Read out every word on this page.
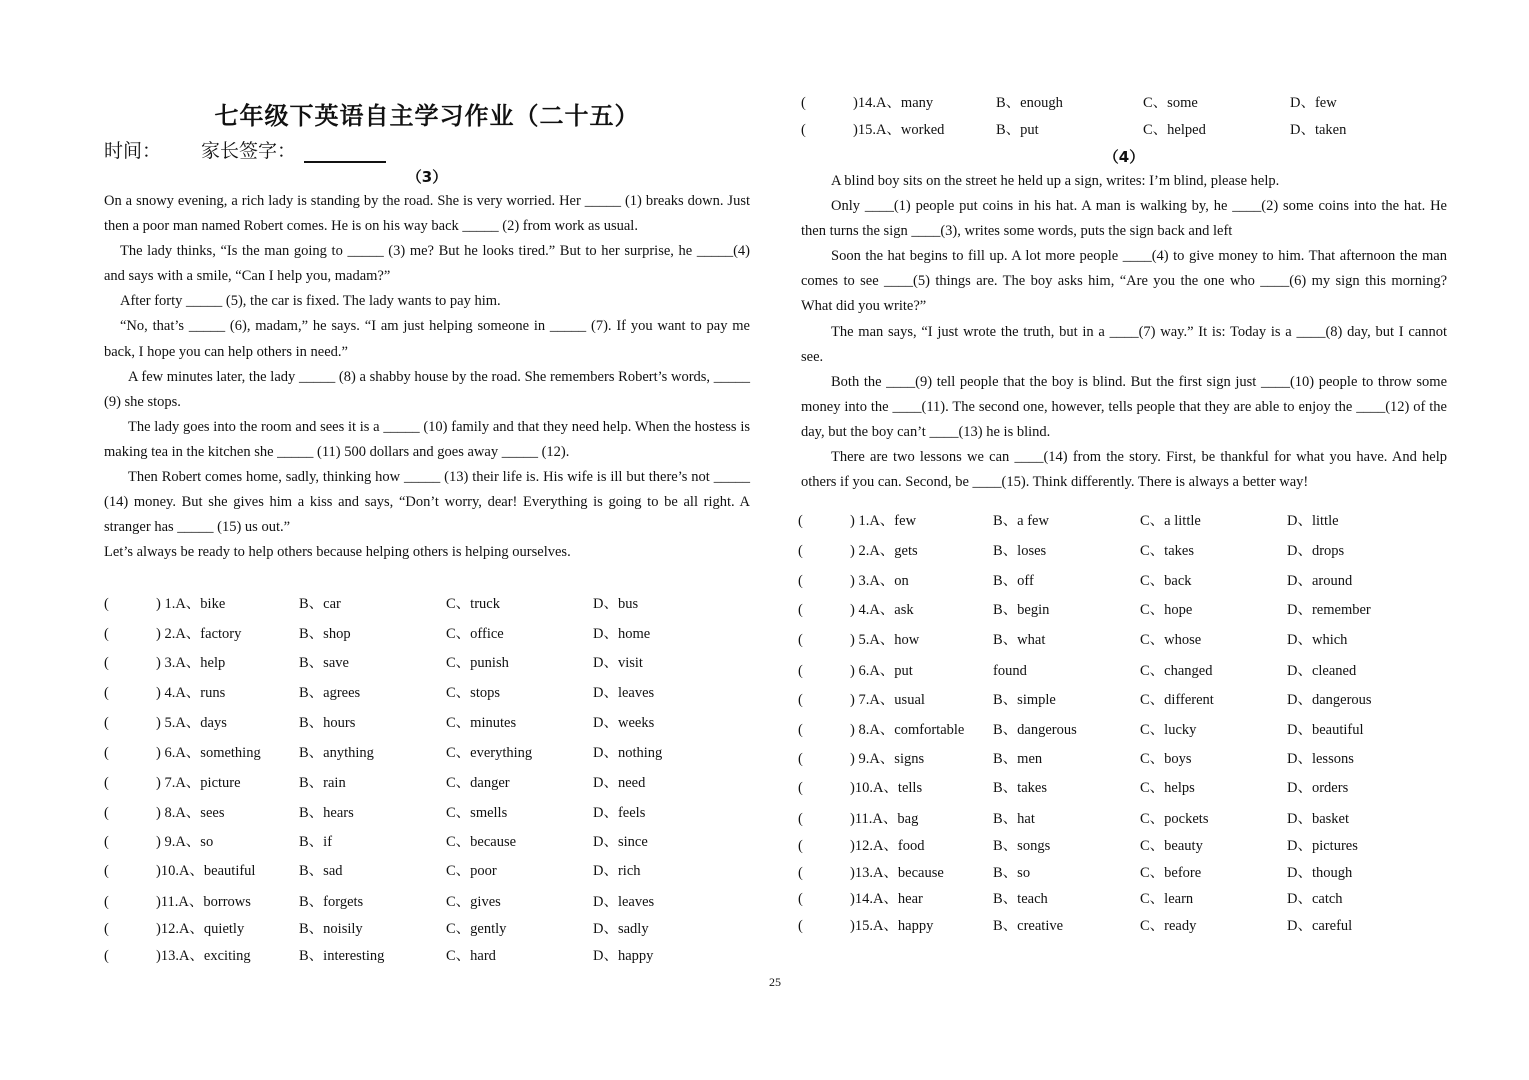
七年级下英语自主学习作业（二十五）
时间： 家长签字：
（3）

On a snowy evening, a rich lady is standing by the road. She is very worried. Her _____ (1) breaks down. Just then a poor man named Robert comes. He is on his way back _____ (2) from work as usual.

The lady thinks, “Is the man going to _____ (3) me? But he looks tired.” But to her surprise, he _____(4) and says with a smile, “Can I help you, madam?”

After forty _____ (5), the car is fixed. The lady wants to pay him.

“No, that’s _____ (6), madam,” he says. “I am just helping someone in _____ (7). If you want to pay me back, I hope you can help others in need.”

A few minutes later, the lady _____ (8) a shabby house by the road. She remembers Robert’s words, _____ (9) she stops.

The lady goes into the room and sees it is a _____ (10) family and that they need help. When the hostess is making tea in the kitchen she _____ (11) 500 dollars and goes away _____ (12).

Then Robert comes home, sadly, thinking how _____ (13) their life is. His wife is ill but there’s not _____ (14) money. But she gives him a kiss and says, “Don’t worry, dear! Everything is going to be all right. A stranger has _____ (15) us out.”

Let’s always be ready to help others because helping others is helping ourselves.

(	) 1.A、bike	B、car	C、truck	D、bus
(	) 2.A、factory	B、shop	C、office	D、home
(	) 3.A、help	B、save	C、punish	D、visit
(	) 4.A、runs	B、agrees	C、stops	D、leaves
(	) 5.A、days	B、hours	C、minutes	D、weeks
(	) 6.A、something	B、anything	C、everything	D、nothing
(	) 7.A、picture	B、rain	C、danger	D、need
(	) 8.A、sees	B、hears	C、smells	D、feels
(	) 9.A、so	B、if	C、because	D、since
(	)10.A、beautiful	B、sad	C、poor	D、rich
(	)11.A、borrows	B、forgets	C、gives	D、leaves
(	)12.A、quietly	B、noisily	C、gently	D、sadly
(	)13.A、exciting	B、interesting	C、hard	D、happy
(	)14.A、many	B、enough	C、some	D、few
(	)15.A、worked	B、put	C、helped	D、taken
（4）

A blind boy sits on the street he held up a sign, writes: I’m blind, please help.

Only ____(1) people put coins in his hat. A man is walking by, he ____(2) some coins into the hat. He then turns the sign ____(3), writes some words, puts the sign back and left

Soon the hat begins to fill up. A lot more people ____(4) to give money to him. That afternoon the man comes to see ____(5) things are. The boy asks him, “Are you the one who ____(6) my sign this morning? What did you write?”

The man says, “I just wrote the truth, but in a ____(7) way.” It is: Today is a ____(8) day, but I cannot see.

Both the ____(9) tell people that the boy is blind. But the first sign just ____(10) people to throw some money into the ____(11). The second one, however, tells people that they are able to enjoy the ____(12) of the day, but the boy can’t ____(13) he is blind.

There are two lessons we can ____(14) from the story. First, be thankful for what you have. And help others if you can. Second, be ____(15). Think differently. There is always a better way!

(	) 1.A、few	B、a few	C、a little	D、little
(	) 2.A、gets	B、loses	C、takes	D、drops
(	) 3.A、on	B、off	C、back	D、around
(	) 4.A、ask	B、begin	C、hope	D、remember
(	) 5.A、how	B、what	C、whose	D、which
(	) 6.A、put	found	C、changed	D、cleaned
(	) 7.A、usual	B、simple	C、different	D、dangerous
(	) 8.A、comfortable B、dangerous	C、lucky	D、beautiful
(	) 9.A、signs	B、men	C、boys	D、lessons
(	)10.A、tells	B、takes	C、helps	D、orders
(	)11.A、bag	B、hat	C、pockets	D、basket
(	)12.A、food	B、songs	C、beauty	D、pictures
(	)13.A、because	B、so	C、before	D、though
(	)14.A、hear	B、teach	C、learn	D、catch
(	)15.A、happy	B、creative	C、ready	D、careful
25
